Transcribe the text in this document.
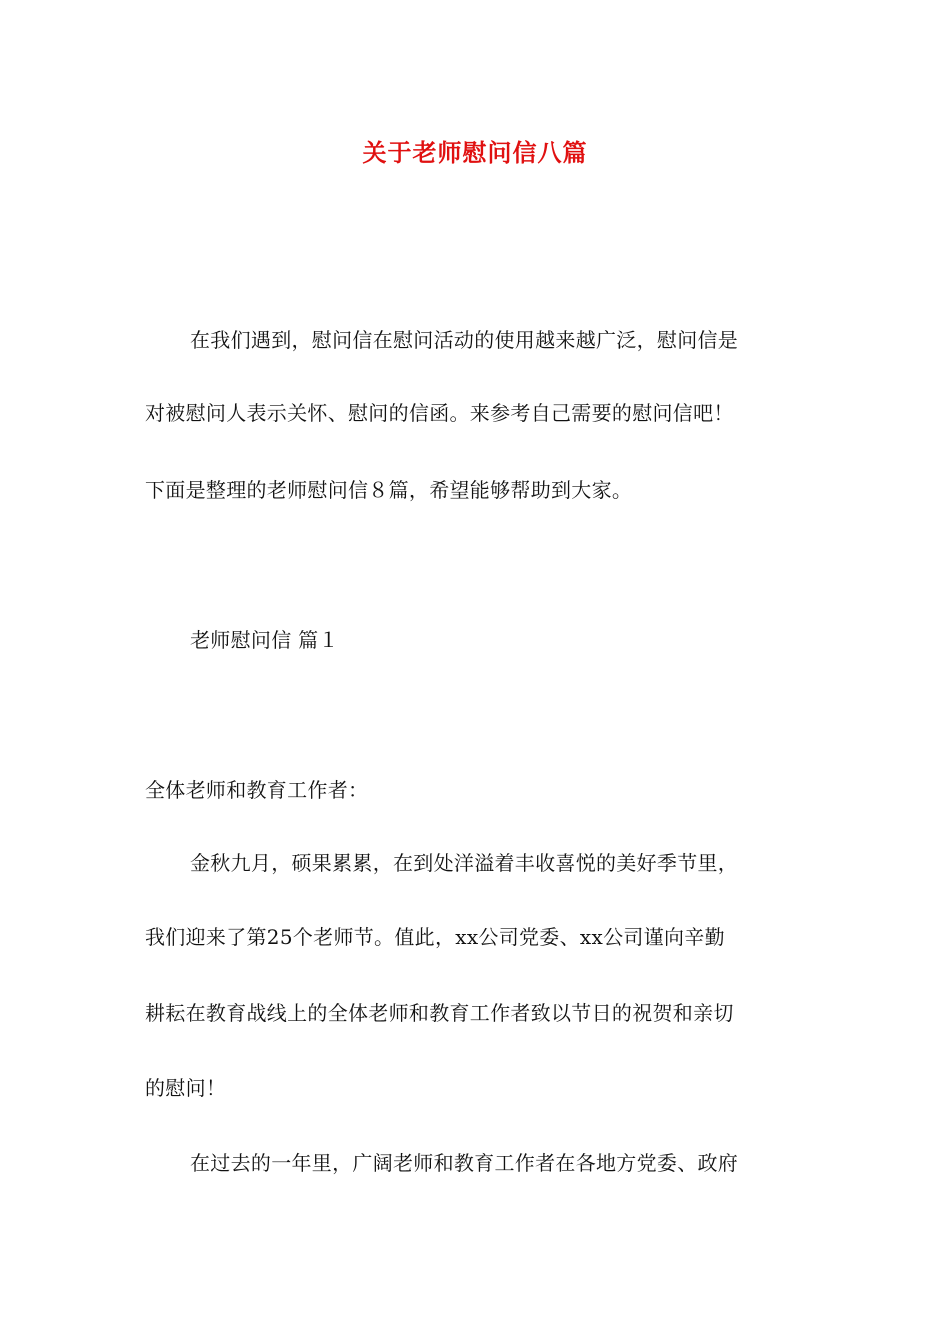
关于老师慰问信八篇
在我们遇到，慰问信在慰问活动的使用越来越广泛，慰问信是
对被慰问人表示关怀、慰问的信函。来参考自己需要的慰问信吧！
下面是整理的老师慰问信８篇，希望能够帮助到大家。
老师慰问信 篇１
全体老师和教育工作者：
金秋九月，硕果累累，在到处洋溢着丰收喜悦的美好季节里，
我们迎来了第25个老师节。值此，xx公司党委、xx公司谨向辛勤
耕耘在教育战线上的全体老师和教育工作者致以节日的祝贺和亲切
的慰问！
在过去的一年里，广阔老师和教育工作者在各地方党委、政府
